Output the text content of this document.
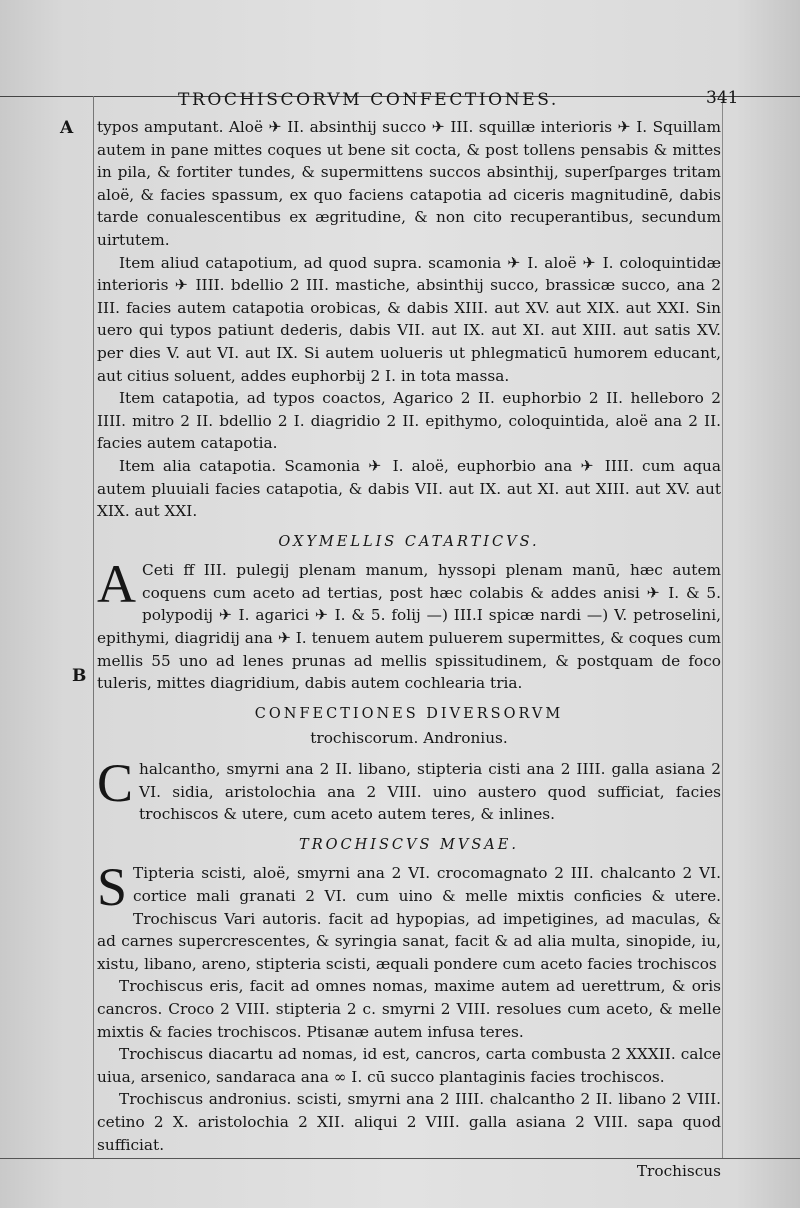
TROCHISCORVM CONFECTIONES.	341
A
B

typos amputant. Aloë ✈ II. absinthij succo ✈ III. squillæ interioris ✈ I. Squillam autem in pane mittes coques ut bene sit cocta, & post tollens pensabis & mittes in pila, & fortiter tundes, & supermittens succos absinthij, superſparges tritam aloë, & facies spassum, ex quo faciens catapotia ad ciceris magnitudinē, dabis tarde conualescentibus ex ægritudine, & non cito recuperantibus, secundum uirtutem.

Item aliud catapotium, ad quod supra. scamonia ✈ I. aloë ✈ I. coloquintidæ interioris ✈ IIII. bdellio 2 III. mastiche, absinthij succo, brassicæ succo, ana 2 III. facies autem catapotia orobicas, & dabis XIII. aut XV. aut XIX. aut XXI. Sin uero qui typos patiunt dederis, dabis VII. aut IX. aut XI. aut XIII. aut satis XV. per dies V. aut VI. aut IX. Si autem uolueris ut phlegmaticū humorem educant, aut citius soluent, addes euphorbij 2 I. in tota massa.

Item catapotia, ad typos coactos, Agarico 2 II. euphorbio 2 II. helleboro 2 IIII. mitro 2 II. bdellio 2 I. diagridio 2 II. epithymo, coloquintida, aloë ana 2 II. facies autem catapotia.

Item alia catapotia. Scamonia ✈ I. aloë, euphorbio ana ✈ IIII. cum aqua autem pluuiali facies catapotia, & dabis VII. aut IX. aut XI. aut XIII. aut XV. aut XIX. aut XXI.

OXYMELLIS CATARTICVS.

A Ceti ff III. pulegij plenam manum, hyssopi plenam manū, hæc autem coquens cum aceto ad tertias, post hæc colabis & addes anisi ✈ I. & 5. polypodij ✈ I. agarici ✈ I. & 5. folij —) III.I spicæ nardi —) V. petroselini, epithymi, diagridij ana ✈ I. tenuem autem puluerem supermittes, & coques cum mellis 55 uno ad lenes prunas ad mellis spissitudinem, & postquam de foco tuleris, mittes diagridium, dabis autem cochlearia tria.

CONFECTIONES DIVERSORVM
trochiscorum. Andronius.

Chalcantho, smyrni ana 2 II. libano, stipteria cisti ana 2 IIII. galla asiana 2 VI. sidia, aristolochia ana 2 VIII. uino austero quod sufficiat, facies trochiscos & utere, cum aceto autem teres, & inlines.

TROCHISCVS MVSAE.

S Tipteria scisti, aloë, smyrni ana 2 VI. crocomagnato 2 III. chalcanto 2 VI. cortice mali granati 2 VI. cum uino & melle mixtis conficies & utere. Trochiscus Vari autoris. facit ad hypopias, ad impetigines, ad maculas, & ad carnes supercrescentes, & syringia sanat, facit & ad alia multa, sinopide, iu, xistu, libano, areno, stipteria scisti, æquali pondere cum aceto facies trochiscos

Trochiscus eris, facit ad omnes nomas, maxime autem ad uerettrum, & oris cancros. Croco 2 VIII. stipteria 2 c. smyrni 2 VIII. resolues cum aceto, & melle mixtis & facies trochiscos. Ptisanæ autem infusa teres.

Trochiscus diacartu ad nomas, id est, cancros, carta combusta 2 XXXII. calce uiua, arsenico, sandaraca ana ∞ I. cū succo plantaginis facies trochiscos.

Trochiscus andronius. scisti, smyrni ana 2 IIII. chalcantho 2 II. libano 2 VIII. cetino 2 X. aristolochia 2 XII. aliqui 2 VIII. galla asiana 2 VIII. sapa quod sufficiat.

Trochiscus
